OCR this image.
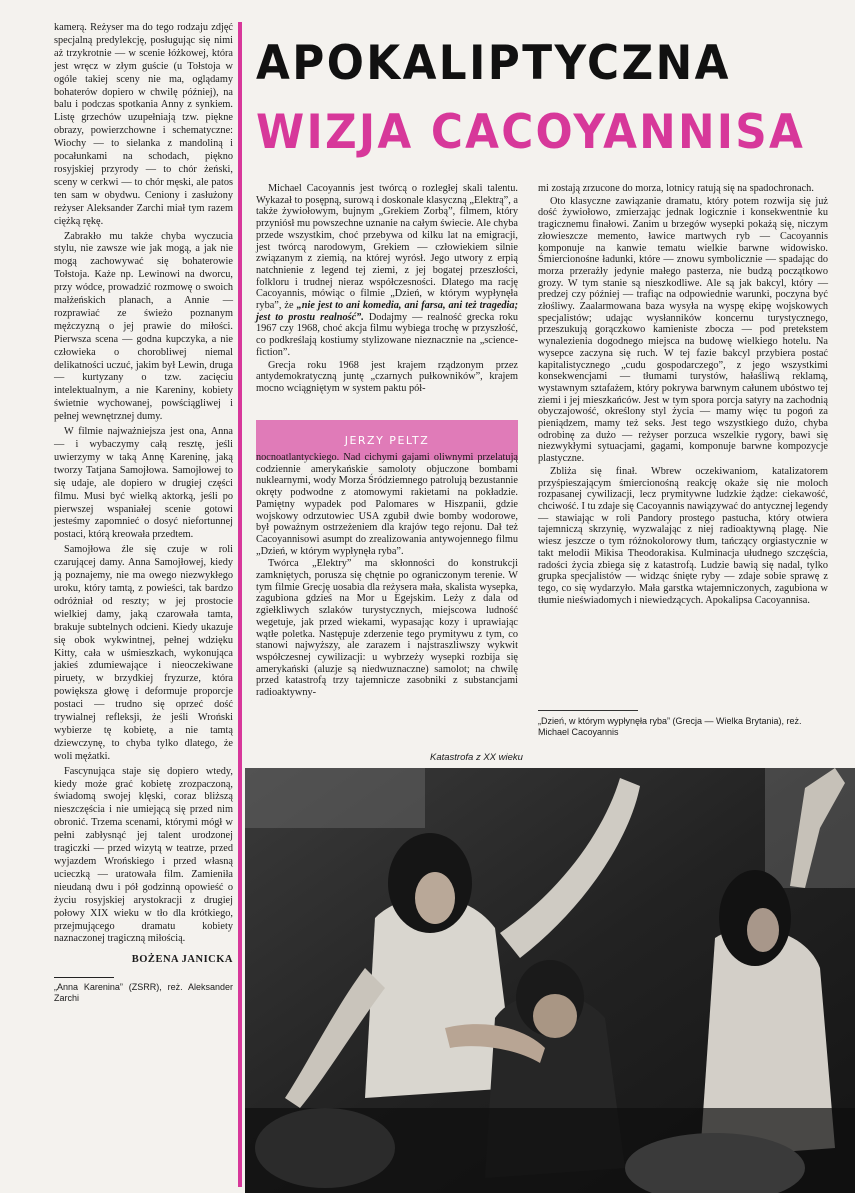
kamerą. Reżyser ma do tego rodzaju zdjęć specjalną predylekcję, posługując się nimi aż trzykrotnie — w scenie łóżkowej, która jest wręcz w złym guście (u Tołstoja w ogóle takiej sceny nie ma, oglądamy bohaterów dopiero w chwilę później), na balu i podczas spotkania Anny z synkiem. Listę grzechów uzupełniają tzw. piękne obrazy, powierzchowne i schematyczne: Wiochy — to sielanka z mandoliną i pocałunkami na schodach, piękno rosyjskiej przyrody — to chór żeński, sceny w cerkwi — to chór męski, ale patos ten sam w obydwu. Ceniony i zasłużony reżyser Aleksander Zarchi miał tym razem ciężką rękę.

Zabrakło mu także chyba wyczucia stylu, nie zawsze wie jak mogą, a jak nie mogą zachowywać się bohaterowie Tołstoja. Każe np. Lewinowi na dworcu, przy wódce, prowadzić rozmowę o swoich małżeńskich planach, a Annie — rozprawiać ze świeżo poznanym mężczyzną o jej prawie do miłości. Pierwsza scena — godna kupczyka, a nie człowieka o chorobliwej niemal delikatności uczuć, jakim był Lewin, druga — kurtyzany o tzw. zacięciu intelektualnym, a nie Kareniny, kobiety świetnie wychowanej, powściągliwej i pełnej wewnętrznej dumy.

W filmie najważniejsza jest ona, Anna — i wybaczymy całą resztę, jeśli uwierzymy w taką Annę Kareninę, jaką tworzy Tatjana Samojłowa. Samojłowej to się udaje, ale dopiero w drugiej części filmu. Musi być wielką aktorką, jeśli po pierwszej wspaniałej scenie gotowi jesteśmy zapomnieć o dosyć niefortunnej postaci, którą kreowała przedtem.

Samojłowa źle się czuje w roli czarującej damy. Anna Samojłowej, kiedy ją poznajemy, nie ma owego niezwykłego uroku, który tamtą, z powieści, tak bardzo odróżniał od reszty; w jej prostocie wielkiej damy, jaką czarowała tamta, brakuje subtelnych odcieni. Kiedy ukazuje się obok wykwintnej, pełnej wdzięku Kitty, cała w uśmieszkach, wykonująca jakieś zdumiewające i nieoczekiwane piruety, w brzydkiej fryzurze, która powiększa głowę i deformuje proporcje postaci — trudno się oprzeć dość trywialnej refleksji, że jeśli Wroński wybierze tę kobietę, a nie tamtą dziewczynę, to chyba tylko dlatego, że woli mężatki.

Fascynująca staje się dopiero wtedy, kiedy może grać kobietę zrozpaczoną, świadomą swojej klęski, coraz bliższą nieszczęścia i nie umiejącą się przed nim obronić. Trzema scenami, którymi mógł w pełni zabłysnąć jej talent urodzonej tragiczki — przed wizytą w teatrze, przed wyjazdem Wrońskiego i przed własną ucieczką — uratowała film. Zamieniła nieudaną dwu i pół godzinną opowieść o życiu rosyjskiej arystokracji z drugiej połowy XIX wieku w tło dla krótkiego, przejmującego dramatu kobiety naznaczonej tragiczną miłością.

BOŻENA JANICKA

„Anna Karenina” (ZSRR), reż. Aleksander Zarchi

APOKALIPTYCZNA
WIZJA CACOYANNISA

Michael Cacoyannis jest twórcą o rozległej skali talentu. Wykazał to posępną, surową i doskonale klasyczną „Elektrą”, a także żywiołowym, bujnym „Grekiem Zorbą”, filmem, który przyniósł mu powszechne uznanie na całym świecie. Ale chyba przede wszystkim, choć przebywa od kilku lat na emigracji, jest twórcą narodowym, Grekiem — człowiekiem silnie związanym z ziemią, na której wyrósł. Jego utwory z erpią natchnienie z legend tej ziemi, z jej bogatej przeszłości, folkloru i trudnej nieraz współczesności. Dlatego ma rację Cacoyannis, mówiąc o filmie „Dzień, w którym wypłynęła ryba”, że „nie jest to ani komedia, ani farsa, ani też tragedia; jest to prostu realność”. Dodajmy — realność grecka roku 1967 czy 1968, choć akcja filmu wybiega trochę w przyszłość, co podkreślają kostiumy stylizowane nieznacznie na „science-fiction”.

Grecja roku 1968 jest krajem rządzonym przez antydemokratyczną juntę „czarnych pułkowników”, krajem mocno wciągniętym w system paktu pół-

JERZY PELTZ

nocnoatlantyckiego. Nad cichymi gajami oliwnymi przelatują codziennie amerykańskie samoloty objuczone bombami nuklearnymi, wody Morza Śródziemnego patrolują bezustannie okręty podwodne z atomowymi rakietami na pokładzie. Pamiętny wypadek pod Palomares w Hiszpanii, gdzie wojskowy odrzutowiec USA zgubił dwie bomby wodorowe, był poważnym ostrzeżeniem dla krajów tego rejonu. Dał też Cacoyannisowi asumpt do zrealizowania antywojennego filmu „Dzień, w którym wypłynęła ryba”.

Twórca „Elektry” ma skłonności do konstrukcji zamkniętych, porusza się chętnie po ograniczonym terenie. W tym filmie Grecję uosabia dla reżysera mała, skalista wysepka, zagubiona gdzieś na Mor u Egejskim. Leży z dala od zgiełkliwych szlaków turystycznych, miejscowa ludność wegetuje, jak przed wiekami, wypasając kozy i uprawiając wątłe poletka. Następuje zderzenie tego prymitywu z tym, co stanowi najwyższy, ale zarazem i najstraszliwszy wykwit współczesnej cywilizacji: u wybrzeży wysepki rozbija się amerykański (aluzje są niedwuznaczne) samolot; na chwilę przed katastrofą trzy tajemnicze zasobniki z substancjami radioaktywny-

mi zostają zrzucone do morza, lotnicy ratują się na spadochronach.

Oto klasyczne zawiązanie dramatu, który potem rozwija się już dość żywiołowo, zmierzając jednak logicznie i konsekwentnie ku tragicznemu finałowi. Zanim u brzegów wysepki pokażą się, niczym złowieszcze memento, ławice martwych ryb — Cacoyannis komponuje na kanwie tematu wielkie barwne widowisko. Śmiercionośne ładunki, które — znowu symbolicznie — spadając do morza przerażły jedynie małego pasterza, nie budzą początkowo grozy. W tym stanie są nieszkodliwe. Ale są jak bakcyl, który — predzej czy później — trafiąc na odpowiednie warunki, poczyna być złośliwy. Zaalarmowana baza wysyła na wyspę ekipę wojskowych specjalistów; udając wysłanników koncernu turystycznego, przeszukują gorączkowo kamieniste zbocza — pod pretekstem wynalezienia dogodnego miejsca na budowę wielkiego hotelu. Na wysepce zaczyna się ruch. W tej fazie bakcyl przybiera postać kapitalistycznego „cudu gospodarczego”, z jego wszystkimi konsekwencjami — tłumami turystów, hałaśliwą reklamą, wystawnym sztafażem, który pokrywa barwnym całunem ubóstwo tej ziemi i jej mieszkańców. Jest w tym spora porcja satyry na zachodnią obyczajowość, określony styl życia — mamy więc tu pogoń za pieniądzem, mamy też seks. Jest tego wszystkiego dużo, chyba odrobinę za dużo — reżyser porzuca wszelkie rygory, bawi się niezwykłymi sytuacjami, gagami, komponuje barwne kompozycje plastyczne.

Zbliża się finał. Wbrew oczekiwaniom, katalizatorem przyśpieszającym śmiercionośną reakcję okaże się nie moloch rozpasanej cywilizacji, lecz prymitywne ludzkie żądze: ciekawość, chciwość. I tu zdaje się Cacoyannis nawiązywać do antycznej legendy — stawiając w roli Pandory prostego pastucha, który otwiera tajemniczą skrzynię, wyzwalając z niej radioaktywną plagę. Nie wiesz jeszcze o tym różnokolorowy tłum, tańczący orgiastycznie w takt melodii Mikisa Theodorakisa. Kulminacja ułudnego szczęścia, radości życia zbiega się z katastrofą. Ludzie bawią się nadal, tylko grupka specjalistów — widząc śnięte ryby — zdaje sobie sprawę z tego, co się wydarzyło. Mała garstka wtajemniczonych, zagubiona w tłumie nieświadomych i niewiedzących. Apokalipsa Cacoyannisa.

„Dzień, w którym wypłynęła ryba” (Grecja — Wielka Brytania), reż. Michael Cacoyannis
Katastrofa z XX wieku
